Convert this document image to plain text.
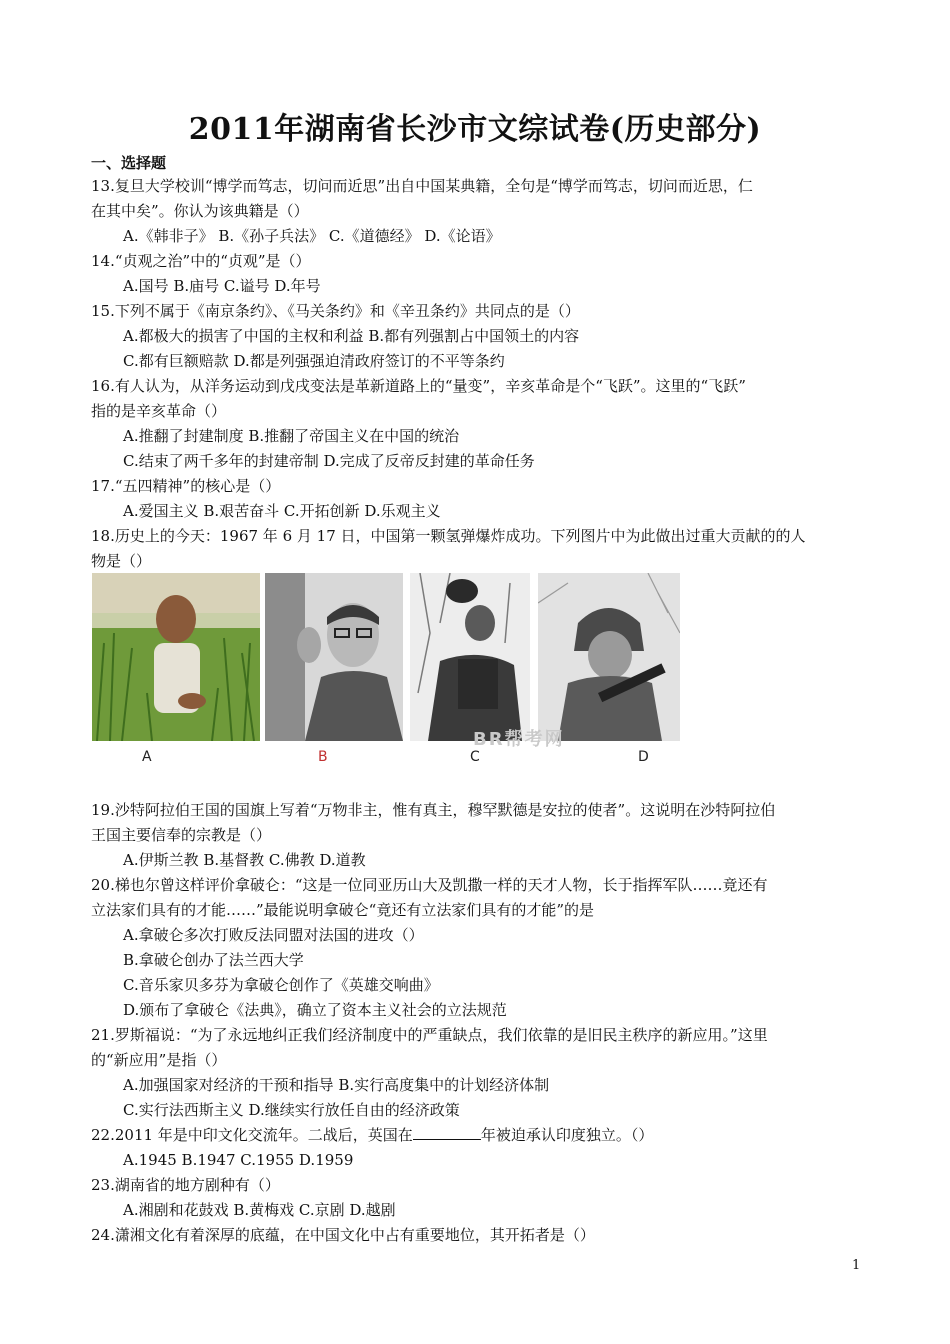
2011年湖南省长沙市文综试卷(历史部分)
一、选择题
13.复旦大学校训“博学而笃志，切问而近思”出自中国某典籍，全句是“博学而笃志，切问而近思，仁
在其中矣”。你认为该典籍是（）
A.《韩非子》 B.《孙子兵法》 C.《道德经》 D.《论语》
14.“贞观之治”中的“贞观”是（）
A.国号 B.庙号 C.谥号 D.年号
15.下列不属于《南京条约》、《马关条约》和《辛丑条约》共同点的是（）
A.都极大的损害了中国的主权和利益 B.都有列强割占中国领土的内容
C.都有巨额赔款 D.都是列强强迫清政府签订的不平等条约
16.有人认为，从洋务运动到戊戌变法是革新道路上的“量变”，辛亥革命是个“飞跃”。这里的“飞跃”
指的是辛亥革命（）
A.推翻了封建制度 B.推翻了帝国主义在中国的统治
C.结束了两千多年的封建帝制 D.完成了反帝反封建的革命任务
17.“五四精神”的核心是（）
A.爱国主义 B.艰苦奋斗 C.开拓创新 D.乐观主义
18.历史上的今天：1967 年 6 月 17 日，中国第一颗氢弹爆炸成功。下列图片中为此做出过重大贡献的的人
物是（）
A	B	C	D
BR帮考网
19.沙特阿拉伯王国的国旗上写着“万物非主，惟有真主，穆罕默德是安拉的使者”。这说明在沙特阿拉伯
王国主要信奉的宗教是（）
A.伊斯兰教 B.基督教 C.佛教 D.道教
20.梯也尔曾这样评价拿破仑：“这是一位同亚历山大及凯撒一样的天才人物，长于指挥军队……竟还有
立法家们具有的才能……”最能说明拿破仑“竟还有立法家们具有的才能”的是
A.拿破仑多次打败反法同盟对法国的进攻（）
B.拿破仑创办了法兰西大学
C.音乐家贝多芬为拿破仑创作了《英雄交响曲》
D.颁布了拿破仑《法典》，确立了资本主义社会的立法规范
21.罗斯福说：“为了永远地纠正我们经济制度中的严重缺点，我们依靠的是旧民主秩序的新应用。”这里
的“新应用”是指（）
A.加强国家对经济的干预和指导 B.实行高度集中的计划经济体制
C.实行法西斯主义 D.继续实行放任自由的经济政策
22.2011 年是中印文化交流年。二战后，英国在	年被迫承认印度独立。（）
A.1945 B.1947 C.1955 D.1959
23.湖南省的地方剧种有（）
A.湘剧和花鼓戏 B.黄梅戏 C.京剧 D.越剧
24.潇湘文化有着深厚的底蕴，在中国文化中占有重要地位，其开拓者是（）
1
